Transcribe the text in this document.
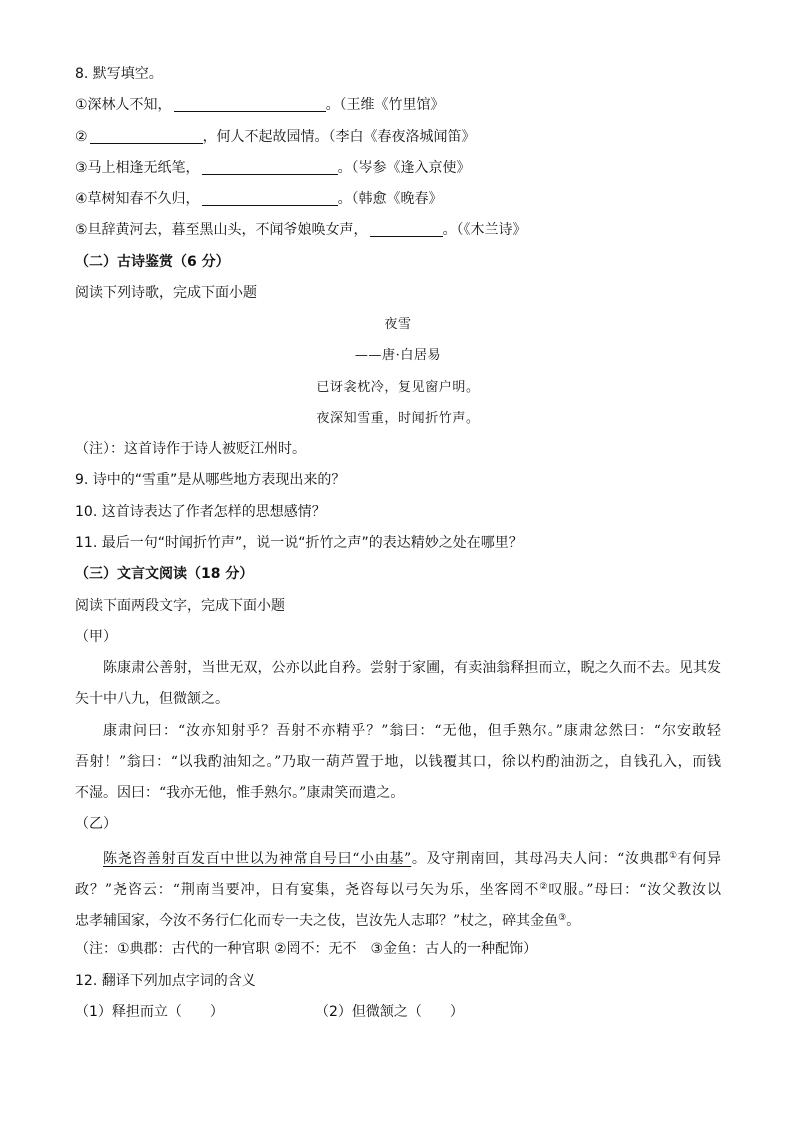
8. 默写填空。
①深林人不知，	。（王维《竹里馆》
②	，何人不起故园情。（李白《春夜洛城闻笛》
③马上相逢无纸笔，	。（岑参《逢入京使》
④草树知春不久归，	。（韩愈《晚春》
⑤旦辞黄河去，暮至黑山头，不闻爷娘唤女声，	。（《木兰诗》
（二）古诗鉴赏（6 分）
阅读下列诗歌，完成下面小题
夜雪
——唐·白居易
已讶衾枕冷，复见窗户明。
夜深知雪重，时闻折竹声。
（注）：这首诗作于诗人被贬江州时。
9. 诗中的“雪重”是从哪些地方表现出来的？
10. 这首诗表达了作者怎样的思想感情？
11. 最后一句“时闻折竹声”，说一说“折竹之声”的表达精妙之处在哪里？
（三）文言文阅读（18 分）
阅读下面两段文字，完成下面小题
（甲）
陈康肃公善射，当世无双，公亦以此自矜。尝射于家圃，有卖油翁释担而立，睨之久而不去。见其发
矢十中八九，但微颔之。
康肃问曰：“汝亦知射乎？吾射不亦精乎？”翁曰：“无他，但手熟尔。”康肃忿然曰：“尔安敢轻
吾射！”翁曰：“以我酌油知之。”乃取一葫芦置于地，以钱覆其口，徐以杓酌油沥之，自钱孔入，而钱
不湿。因曰：“我亦无他，惟手熟尔。”康肃笑而遣之。
（乙）
陈尧咨善射百发百中世以为神常自号曰“小由基”。及守荆南回，其母冯夫人问：“汝典郡①有何异
政？”尧咨云：“荆南当要冲，日有宴集，尧咨每以弓矢为乐，坐客罔不②叹服。”母曰：“汝父教汝以
忠孝辅国家，今汝不务行仁化而专一夫之伎，岂汝先人志耶？”杖之，碎其金鱼③。
（注：①典郡：古代的一种官职 ②罔不：无不　③金鱼：古人的一种配饰）
12. 翻译下列加点字词的含义
（1）释担而立（　　）	（2）但微颔之（　　）
